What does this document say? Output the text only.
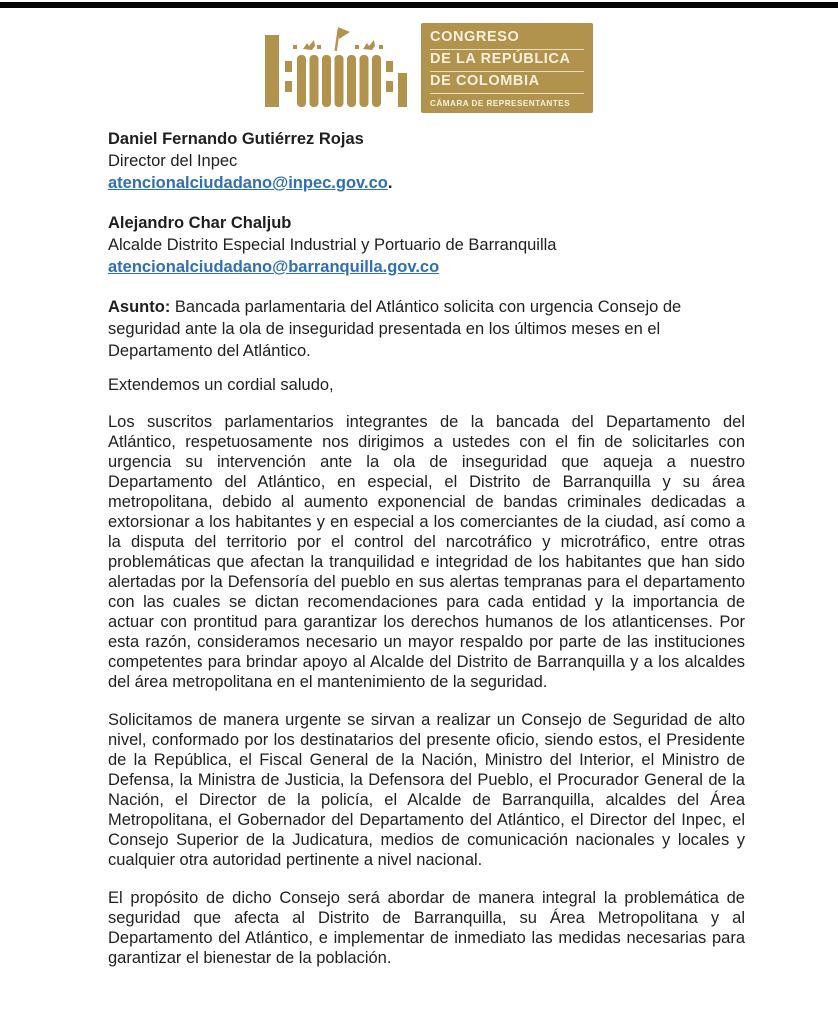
CONGRESO
DE LA REPÚBLICA
DE COLOMBIA
CÁMARA DE REPRESENTANTES
Daniel Fernando Gutiérrez Rojas
Director del Inpec
atencionalciudadano@inpec.gov.co.
Alejandro Char Chaljub
Alcalde Distrito Especial Industrial y Portuario de Barranquilla
atencionalciudadano@barranquilla.gov.co

Asunto: Bancada parlamentaria del Atlántico solicita con urgencia Consejo de seguridad ante la ola de inseguridad presentada en los últimos meses en el Departamento del Atlántico.

Extendemos un cordial saludo,

Los suscritos parlamentarios integrantes de la bancada del Departamento del Atlántico, respetuosamente nos dirigimos a ustedes con el fin de solicitarles con urgencia su intervención ante la ola de inseguridad que aqueja a nuestro Departamento del Atlántico, en especial, el Distrito de Barranquilla y su área metropolitana, debido al aumento exponencial de bandas criminales dedicadas a extorsionar a los habitantes y en especial a los comerciantes de la ciudad, así como a la disputa del territorio por el control del narcotráfico y microtráfico, entre otras problemáticas que afectan la tranquilidad e integridad de los habitantes que han sido alertadas por la Defensoría del pueblo en sus alertas tempranas para el departamento con las cuales se dictan recomendaciones para cada entidad y la importancia de actuar con prontitud para garantizar los derechos humanos de los atlanticenses. Por esta razón, consideramos necesario un mayor respaldo por parte de las instituciones competentes para brindar apoyo al Alcalde del Distrito de Barranquilla y a los alcaldes del área metropolitana en el mantenimiento de la seguridad.

Solicitamos de manera urgente se sirvan a realizar un Consejo de Seguridad de alto nivel, conformado por los destinatarios del presente oficio, siendo estos, el Presidente de la República, el Fiscal General de la Nación, Ministro del Interior, el Ministro de Defensa, la Ministra de Justicia, la Defensora del Pueblo, el Procurador General de la Nación, el Director de la policía, el Alcalde de Barranquilla, alcaldes del Área Metropolitana, el Gobernador del Departamento del Atlántico, el Director del Inpec, el Consejo Superior de la Judicatura, medios de comunicación nacionales y locales y cualquier otra autoridad pertinente a nivel nacional.

El propósito de dicho Consejo será abordar de manera integral la problemática de seguridad que afecta al Distrito de Barranquilla, su Área Metropolitana y al Departamento del Atlántico, e implementar de inmediato las medidas necesarias para garantizar el bienestar de la población.
